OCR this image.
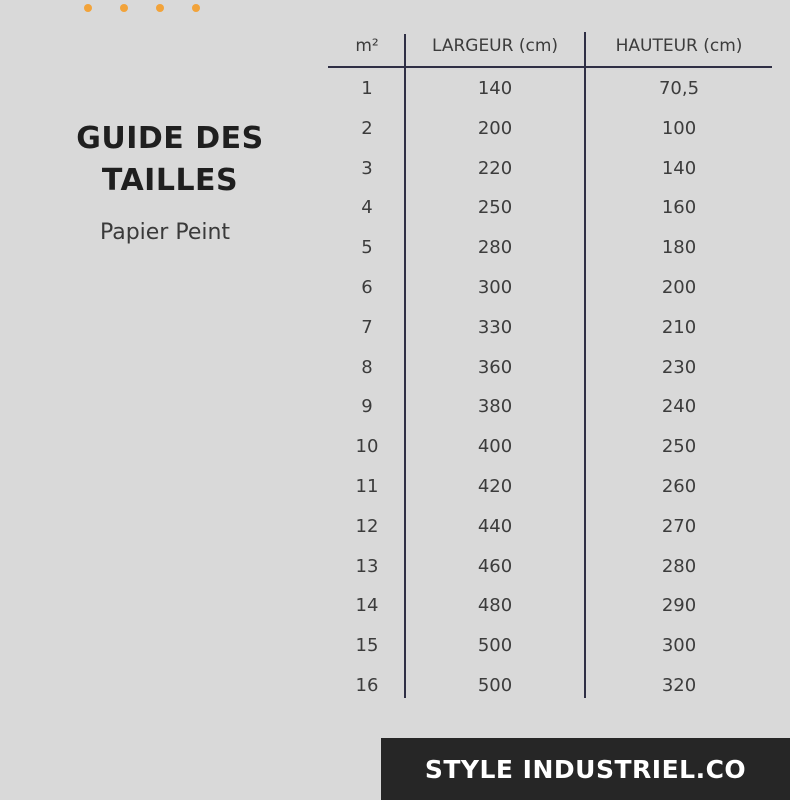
GUIDE DES
TAILLES
Papier Peint
m²	LARGEUR (cm)	HAUTEUR (cm)
1	140	70,5
2	200	100
3	220	140
4	250	160
5	280	180
6	300	200
7	330	210
8	360	230
9	380	240
10	400	250
11	420	260
12	440	270
13	460	280
14	480	290
15	500	300
16	500	320
STYLE INDUSTRIEL.CO
